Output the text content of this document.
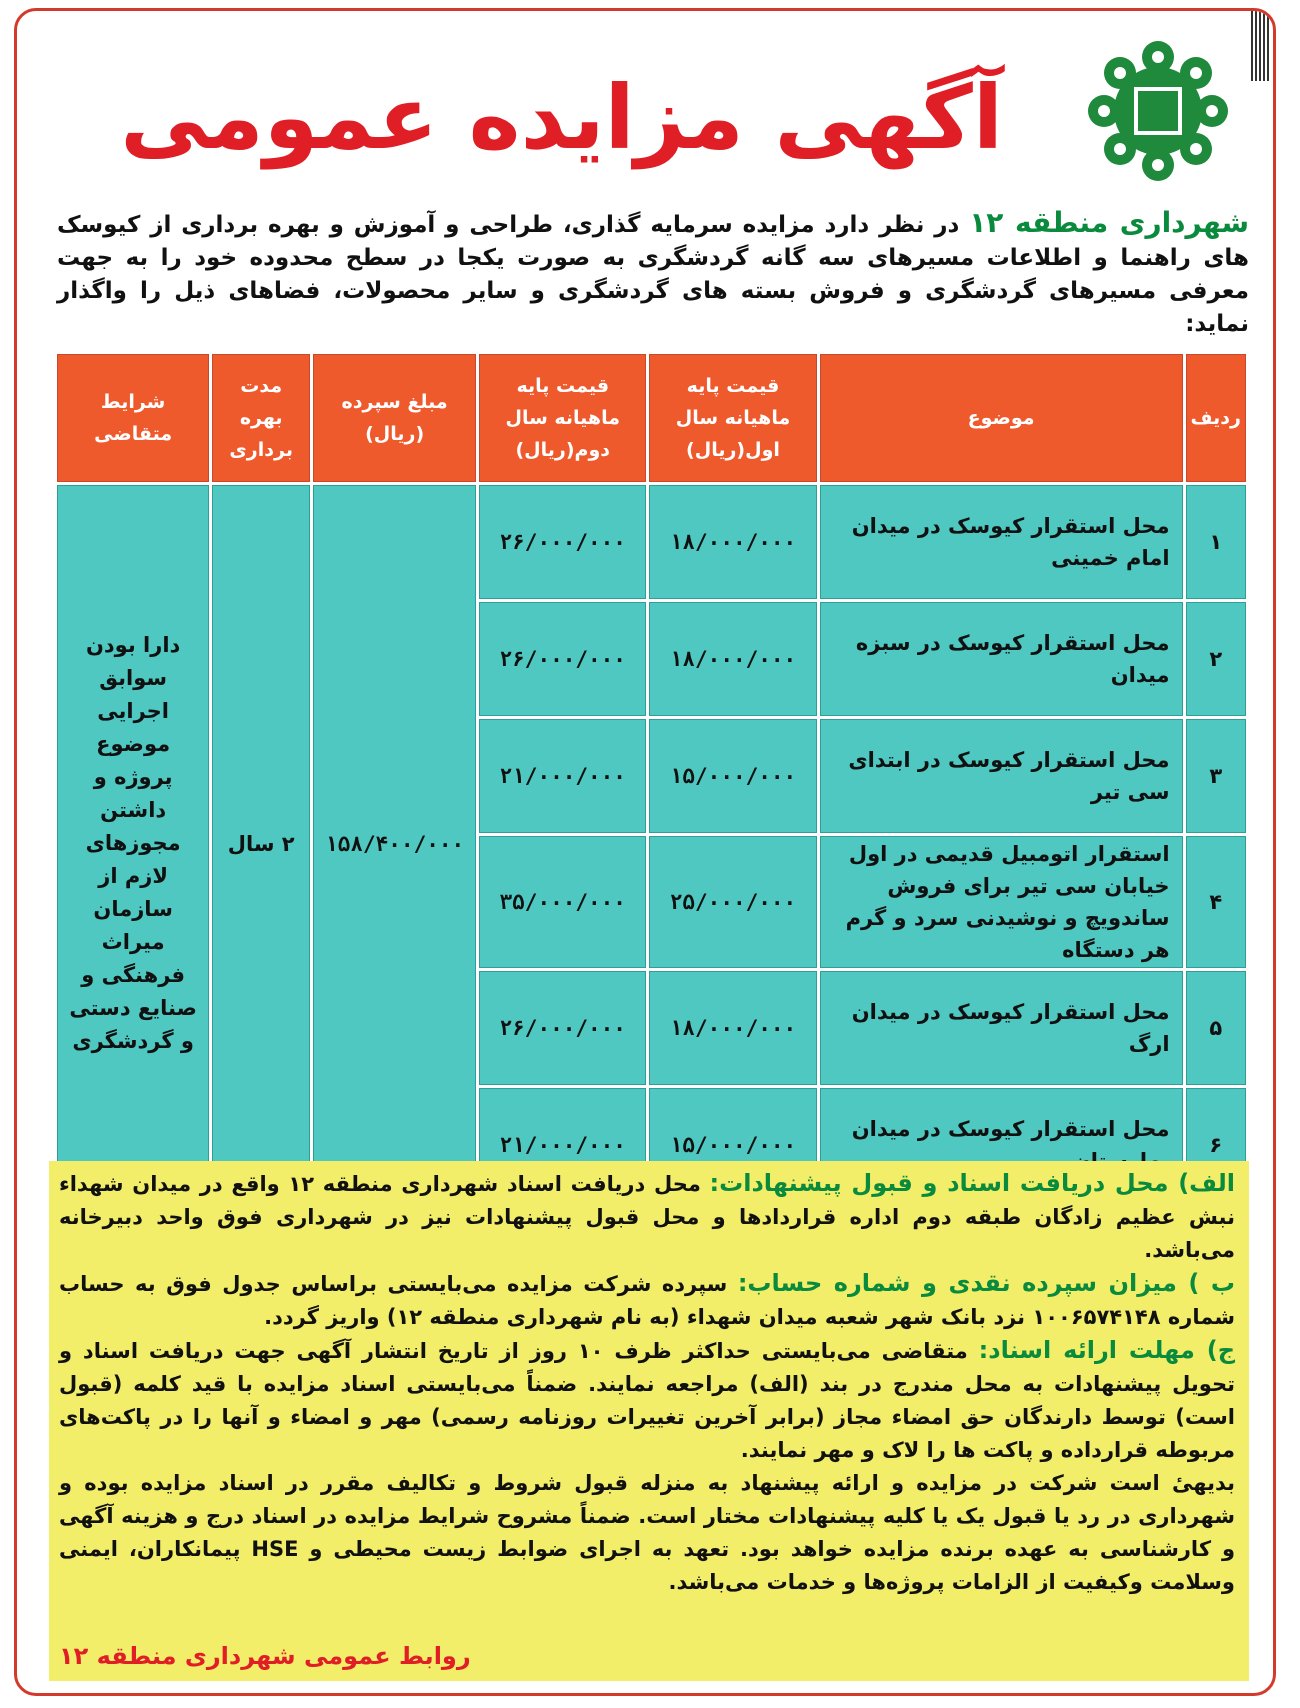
آگهی مزایده عمومی
شهرداری منطقه ۱۲ در نظر دارد مزایده سرمایه گذاری، طراحی و آموزش و بهره برداری از کیوسک های راهنما و اطلاعات مسیرهای سه گانه گردشگری به صورت یکجا در سطح محدوده خود را به جهت معرفی مسیرهای گردشگری و فروش بسته های گردشگری و سایر محصولات، فضاهای ذیل را واگذار نماید:
ردیف	موضوع	قیمت پایه ماهیانه سال اول(ریال)	قیمت پایه ماهیانه سال دوم(ریال)	مبلغ سپرده (ریال)	مدت بهره برداری	شرایط متقاضی
۱	محل استقرار کیوسک در میدان امام خمینی	۱۸/۰۰۰/۰۰۰	۲۶/۰۰۰/۰۰۰	۱۵۸/۴۰۰/۰۰۰	۲ سال	دارا بودن سوابق اجرایی موضوع پروژه و داشتن مجوزهای لازم از سازمان میراث فرهنگی و صنایع دستی و گردشگری
۲	محل استقرار کیوسک در سبزه میدان	۱۸/۰۰۰/۰۰۰	۲۶/۰۰۰/۰۰۰			
۳	محل استقرار کیوسک در ابتدای سی تیر	۱۵/۰۰۰/۰۰۰	۲۱/۰۰۰/۰۰۰			
۴	استقرار اتومبیل قدیمی در اول خیابان سی تیر برای فروش ساندویچ و نوشیدنی سرد و گرم هر دستگاه	۲۵/۰۰۰/۰۰۰	۳۵/۰۰۰/۰۰۰			
۵	محل استقرار کیوسک در میدان ارگ	۱۸/۰۰۰/۰۰۰	۲۶/۰۰۰/۰۰۰			
۶	محل استقرار کیوسک در میدان	۱۵/۰۰۰/۰۰۰	۲۱/۰۰۰/۰۰۰			

الف) محل دریافت اسناد و قبول پیشنهادات: محل دریافت اسناد شهرداری منطقه ۱۲ واقع در میدان شهداء نبش عظیم زادگان طبقه دوم اداره قراردادها و محل قبول پیشنهادات نیز در شهرداری فوق واحد دبیرخانه می‌باشد.

ب ) میزان سپرده نقدی و شماره حساب: سپرده شرکت مزایده می‌بایستی براساس جدول فوق به حساب شماره ۱۰۰۶۵۷۴۱۴۸ نزد بانک شهر شعبه میدان شهداء (به نام شهرداری منطقه ۱۲) واریز گردد.

ج) مهلت ارائه اسناد: متقاضی می‌بایستی حداکثر ظرف ۱۰ روز از تاریخ انتشار آگهی جهت دریافت اسناد و تحویل پیشنهادات به محل مندرج در بند (الف) مراجعه نمایند. ضمناً می‌بایستی اسناد مزایده با قید کلمه (قبول است) توسط دارندگان حق امضاء مجاز (برابر آخرین تغییرات روزنامه رسمی) مهر و امضاء و آنها را در پاکت‌های مربوطه قرارداده و پاکت ها را لاک و مهر نمایند.

بدیهیٔ است شرکت در مزایده و ارائه پیشنهاد به منزله قبول شروط و تکالیف مقرر در اسناد مزایده بوده و شهرداری در رد یا قبول یک یا کلیه پیشنهادات مختار است. ضمناً مشروح شرایط مزایده در اسناد درج و هزینه آگهی و کارشناسی به عهده برنده مزایده خواهد بود. تعهد به اجرای ضوابط زیست محیطی و HSE پیمانکاران، ایمنی وسلامت وکیفیت از الزامات پروژه‌ها و خدمات می‌باشد.

روابط عمومی شهرداری منطقه ۱۲
